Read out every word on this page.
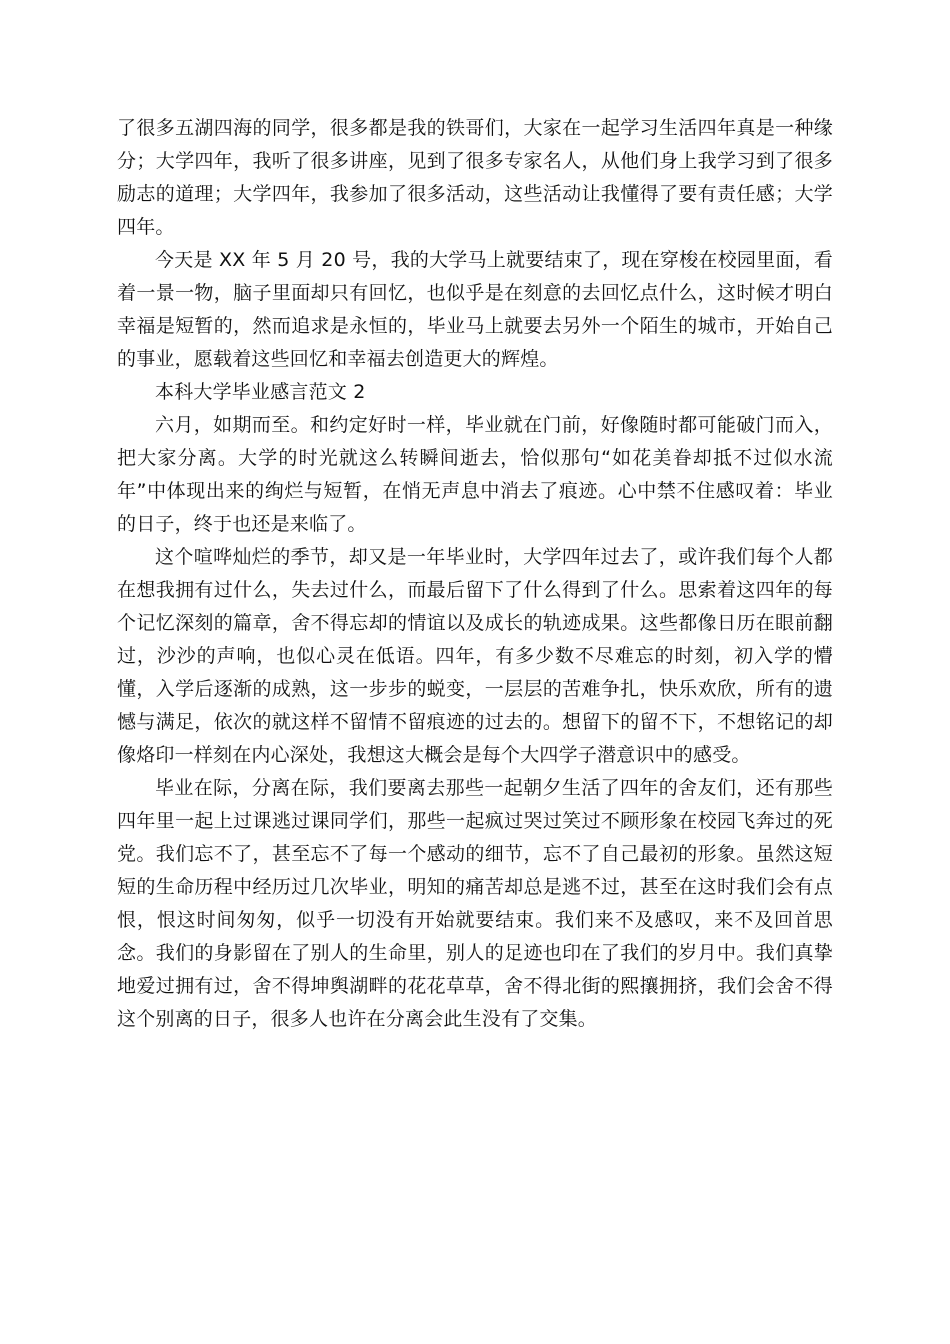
了很多五湖四海的同学，很多都是我的铁哥们，大家在一起学习生活四年真是一种缘分；大学四年，我听了很多讲座，见到了很多专家名人，从他们身上我学习到了很多励志的道理；大学四年，我参加了很多活动，这些活动让我懂得了要有责任感；大学四年。

今天是 XX 年 5 月 20 号，我的大学马上就要结束了，现在穿梭在校园里面，看着一景一物，脑子里面却只有回忆，也似乎是在刻意的去回忆点什么，这时候才明白幸福是短暂的，然而追求是永恒的，毕业马上就要去另外一个陌生的城市，开始自己的事业，愿载着这些回忆和幸福去创造更大的辉煌。

本科大学毕业感言范文 2

六月，如期而至。和约定好时一样，毕业就在门前，好像随时都可能破门而入，把大家分离。大学的时光就这么转瞬间逝去，恰似那句“如花美眷却抵不过似水流年”中体现出来的绚烂与短暂，在悄无声息中消去了痕迹。心中禁不住感叹着：毕业的日子，终于也还是来临了。

这个喧哗灿烂的季节，却又是一年毕业时，大学四年过去了，或许我们每个人都在想我拥有过什么，失去过什么，而最后留下了什么得到了什么。思索着这四年的每个记忆深刻的篇章，舍不得忘却的情谊以及成长的轨迹成果。这些都像日历在眼前翻过，沙沙的声响，也似心灵在低语。四年，有多少数不尽难忘的时刻，初入学的懵懂，入学后逐渐的成熟，这一步步的蜕变，一层层的苦难争扎，快乐欢欣，所有的遗憾与满足，依次的就这样不留情不留痕迹的过去的。想留下的留不下，不想铭记的却像烙印一样刻在内心深处，我想这大概会是每个大四学子潜意识中的感受。

毕业在际，分离在际，我们要离去那些一起朝夕生活了四年的舍友们，还有那些四年里一起上过课逃过课同学们，那些一起疯过哭过笑过不顾形象在校园飞奔过的死党。我们忘不了，甚至忘不了每一个感动的细节，忘不了自己最初的形象。虽然这短短的生命历程中经历过几次毕业，明知的痛苦却总是逃不过，甚至在这时我们会有点恨，恨这时间匆匆，似乎一切没有开始就要结束。我们来不及感叹，来不及回首思念。我们的身影留在了别人的生命里，别人的足迹也印在了我们的岁月中。我们真挚地爱过拥有过，舍不得坤舆湖畔的花花草草，舍不得北街的熙攘拥挤，我们会舍不得这个别离的日子，很多人也许在分离会此生没有了交集。
